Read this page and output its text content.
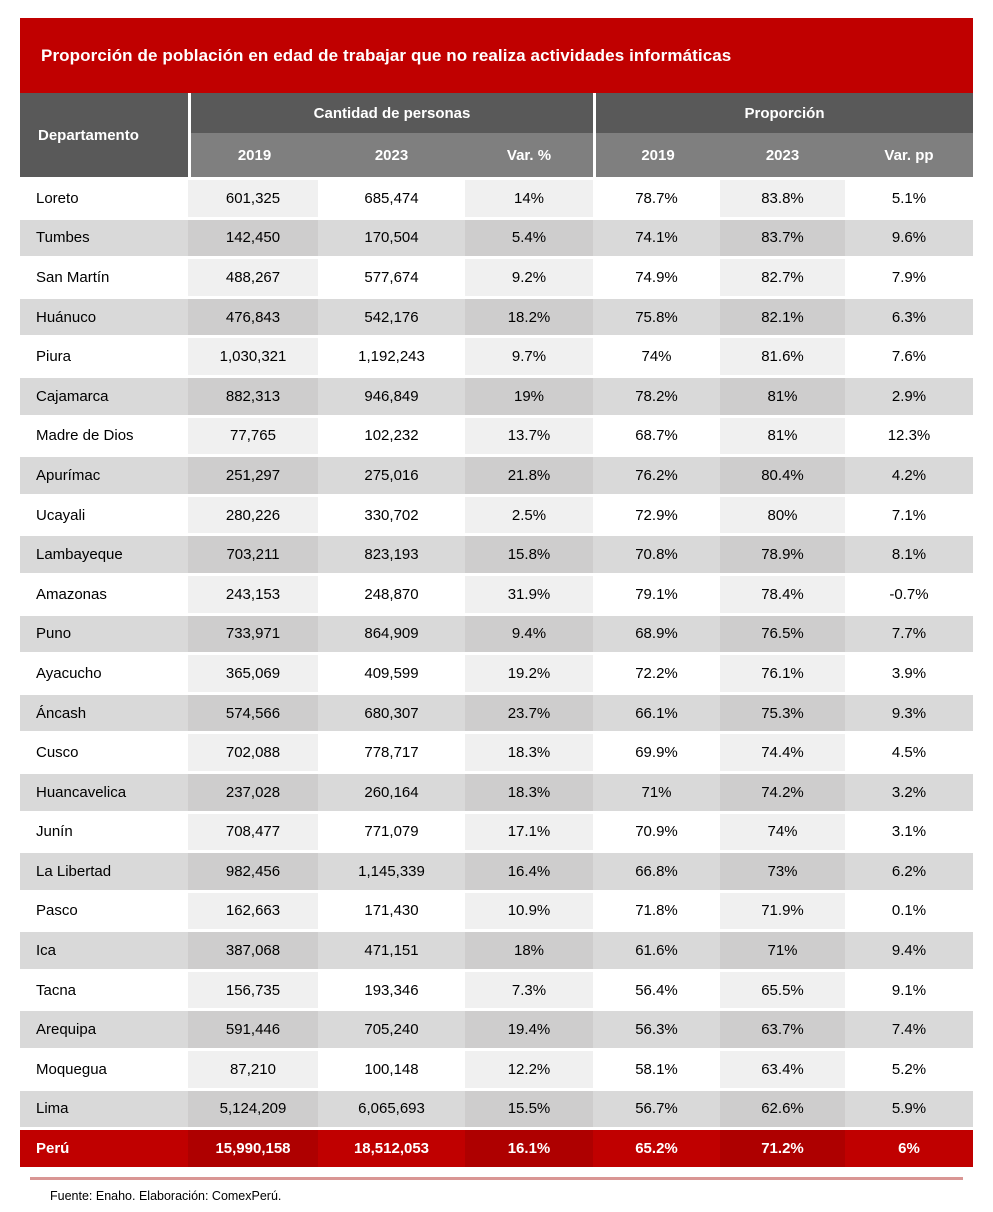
Proporción de población en edad de trabajar que no realiza actividades informáticas
Departamento
Cantidad de personas	Proporción
2019	2023	Var. %	2019	2023	Var. pp
Loreto	601,325	685,474	14%	78.7%	83.8%	5.1%
Tumbes	142,450	170,504	5.4%	74.1%	83.7%	9.6%
San Martín	488,267	577,674	9.2%	74.9%	82.7%	7.9%
Huánuco	476,843	542,176	18.2%	75.8%	82.1%	6.3%
Piura	1,030,321	1,192,243	9.7%	74%	81.6%	7.6%
Cajamarca	882,313	946,849	19%	78.2%	81%	2.9%
Madre de Dios	77,765	102,232	13.7%	68.7%	81%	12.3%
Apurímac	251,297	275,016	21.8%	76.2%	80.4%	4.2%
Ucayali	280,226	330,702	2.5%	72.9%	80%	7.1%
Lambayeque	703,211	823,193	15.8%	70.8%	78.9%	8.1%
Amazonas	243,153	248,870	31.9%	79.1%	78.4%	-0.7%
Puno	733,971	864,909	9.4%	68.9%	76.5%	7.7%
Ayacucho	365,069	409,599	19.2%	72.2%	76.1%	3.9%
Áncash	574,566	680,307	23.7%	66.1%	75.3%	9.3%
Cusco	702,088	778,717	18.3%	69.9%	74.4%	4.5%
Huancavelica	237,028	260,164	18.3%	71%	74.2%	3.2%
Junín	708,477	771,079	17.1%	70.9%	74%	3.1%
La Libertad	982,456	1,145,339	16.4%	66.8%	73%	6.2%
Pasco	162,663	171,430	10.9%	71.8%	71.9%	0.1%
Ica	387,068	471,151	18%	61.6%	71%	9.4%
Tacna	156,735	193,346	7.3%	56.4%	65.5%	9.1%
Arequipa	591,446	705,240	19.4%	56.3%	63.7%	7.4%
Moquegua	87,210	100,148	12.2%	58.1%	63.4%	5.2%
Lima	5,124,209	6,065,693	15.5%	56.7%	62.6%	5.9%
Perú	15,990,158	18,512,053	16.1%	65.2%	71.2%	6%
Fuente: Enaho. Elaboración: ComexPerú.
